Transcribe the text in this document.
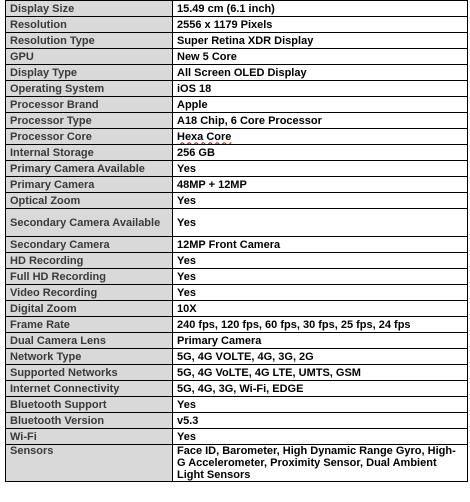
Display Size	15.49 cm (6.1 inch)
Resolution	2556 x 1179 Pixels
Resolution Type	Super Retina XDR Display
GPU	New 5 Core
Display Type	All Screen OLED Display
Operating System	iOS 18
Processor Brand	Apple
Processor Type	A18 Chip, 6 Core Processor
Processor Core	Hexa Core
Internal Storage	256 GB
Primary Camera Available	Yes
Primary Camera	48MP + 12MP
Optical Zoom	Yes
Secondary Camera Available	Yes
Secondary Camera	12MP Front Camera
HD Recording	Yes
Full HD Recording	Yes
Video Recording	Yes
Digital Zoom	10X
Frame Rate	240 fps, 120 fps, 60 fps, 30 fps, 25 fps, 24 fps
Dual Camera Lens	Primary Camera
Network Type	5G, 4G VOLTE, 4G, 3G, 2G
Supported Networks	5G, 4G VoLTE, 4G LTE, UMTS, GSM
Internet Connectivity	5G, 4G, 3G, Wi-Fi, EDGE
Bluetooth Support	Yes
Bluetooth Version	v5.3
Wi-Fi	Yes
Sensors	Face ID, Barometer, High Dynamic Range Gyro, High-G Accelerometer, Proximity Sensor, Dual Ambient Light Sensors
